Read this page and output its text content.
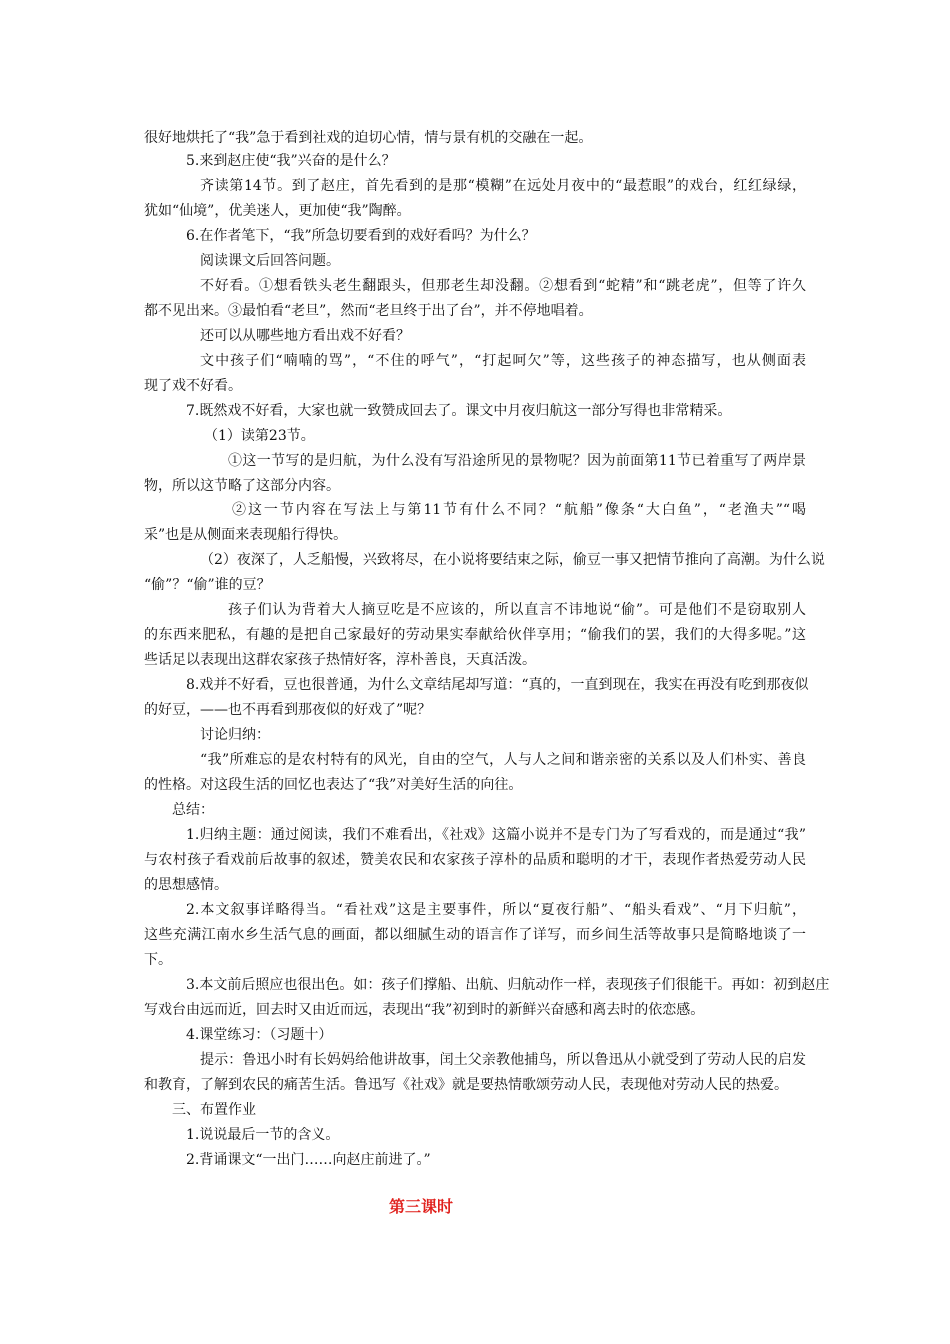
很好地烘托了“我”急于看到社戏的迫切心情，情与景有机的交融在一起。
5.来到赵庄使“我”兴奋的是什么？
齐读第14节。到了赵庄，首先看到的是那“模糊”在远处月夜中的“最惹眼”的戏台，红红绿绿，
犹如“仙境”，优美迷人，更加使“我”陶醉。
6.在作者笔下，“我”所急切要看到的戏好看吗？为什么？
阅读课文后回答问题。
不好看。①想看铁头老生翻跟头，但那老生却没翻。②想看到“蛇精”和“跳老虎”，但等了许久
都不见出来。③最怕看“老旦”，然而“老旦终于出了台”，并不停地唱着。
还可以从哪些地方看出戏不好看？
文中孩子们“喃喃的骂”，“不住的呼气”，“打起呵欠”等，这些孩子的神态描写，也从侧面表
现了戏不好看。
7.既然戏不好看，大家也就一致赞成回去了。课文中月夜归航这一部分写得也非常精采。
（1）读第23节。
①这一节写的是归航，为什么没有写沿途所见的景物呢？因为前面第11节已着重写了两岸景
物，所以这节略了这部分内容。
②这一节内容在写法上与第11节有什么不同？“航船”像条“大白鱼”，“老渔夫”“喝
采”也是从侧面来表现船行得快。
（2）夜深了，人乏船慢，兴致将尽，在小说将要结束之际，偷豆一事又把情节推向了高潮。为什么说
“偷”？“偷”谁的豆？
孩子们认为背着大人摘豆吃是不应该的，所以直言不讳地说“偷”。可是他们不是窃取别人
的东西来肥私，有趣的是把自己家最好的劳动果实奉献给伙伴享用；“偷我们的罢，我们的大得多呢。”这
些话足以表现出这群农家孩子热情好客，淳朴善良，天真活泼。
8.戏并不好看，豆也很普通，为什么文章结尾却写道：“真的，一直到现在，我实在再没有吃到那夜似
的好豆，——也不再看到那夜似的好戏了”呢？
讨论归纳：
“我”所难忘的是农村特有的风光，自由的空气，人与人之间和谐亲密的关系以及人们朴实、善良
的性格。对这段生活的回忆也表达了“我”对美好生活的向往。
总结：
1.归纳主题：通过阅读，我们不难看出，《社戏》这篇小说并不是专门为了写看戏的，而是通过“我”
与农村孩子看戏前后故事的叙述，赞美农民和农家孩子淳朴的品质和聪明的才干，表现作者热爱劳动人民
的思想感情。
2.本文叙事详略得当。“看社戏”这是主要事件，所以“夏夜行船”、“船头看戏”、“月下归航”，
这些充满江南水乡生活气息的画面，都以细腻生动的语言作了详写，而乡间生活等故事只是简略地谈了一
下。
3.本文前后照应也很出色。如：孩子们撑船、出航、归航动作一样，表现孩子们很能干。再如：初到赵庄
写戏台由远而近，回去时又由近而远，表现出“我”初到时的新鲜兴奋感和离去时的依恋感。
4.课堂练习：（习题十）
提示：鲁迅小时有长妈妈给他讲故事，闰土父亲教他捕鸟，所以鲁迅从小就受到了劳动人民的启发
和教育，了解到农民的痛苦生活。鲁迅写《社戏》就是要热情歌颂劳动人民，表现他对劳动人民的热爱。
三、布置作业
1.说说最后一节的含义。
2.背诵课文“一出门……向赵庄前进了。”
第三课时
